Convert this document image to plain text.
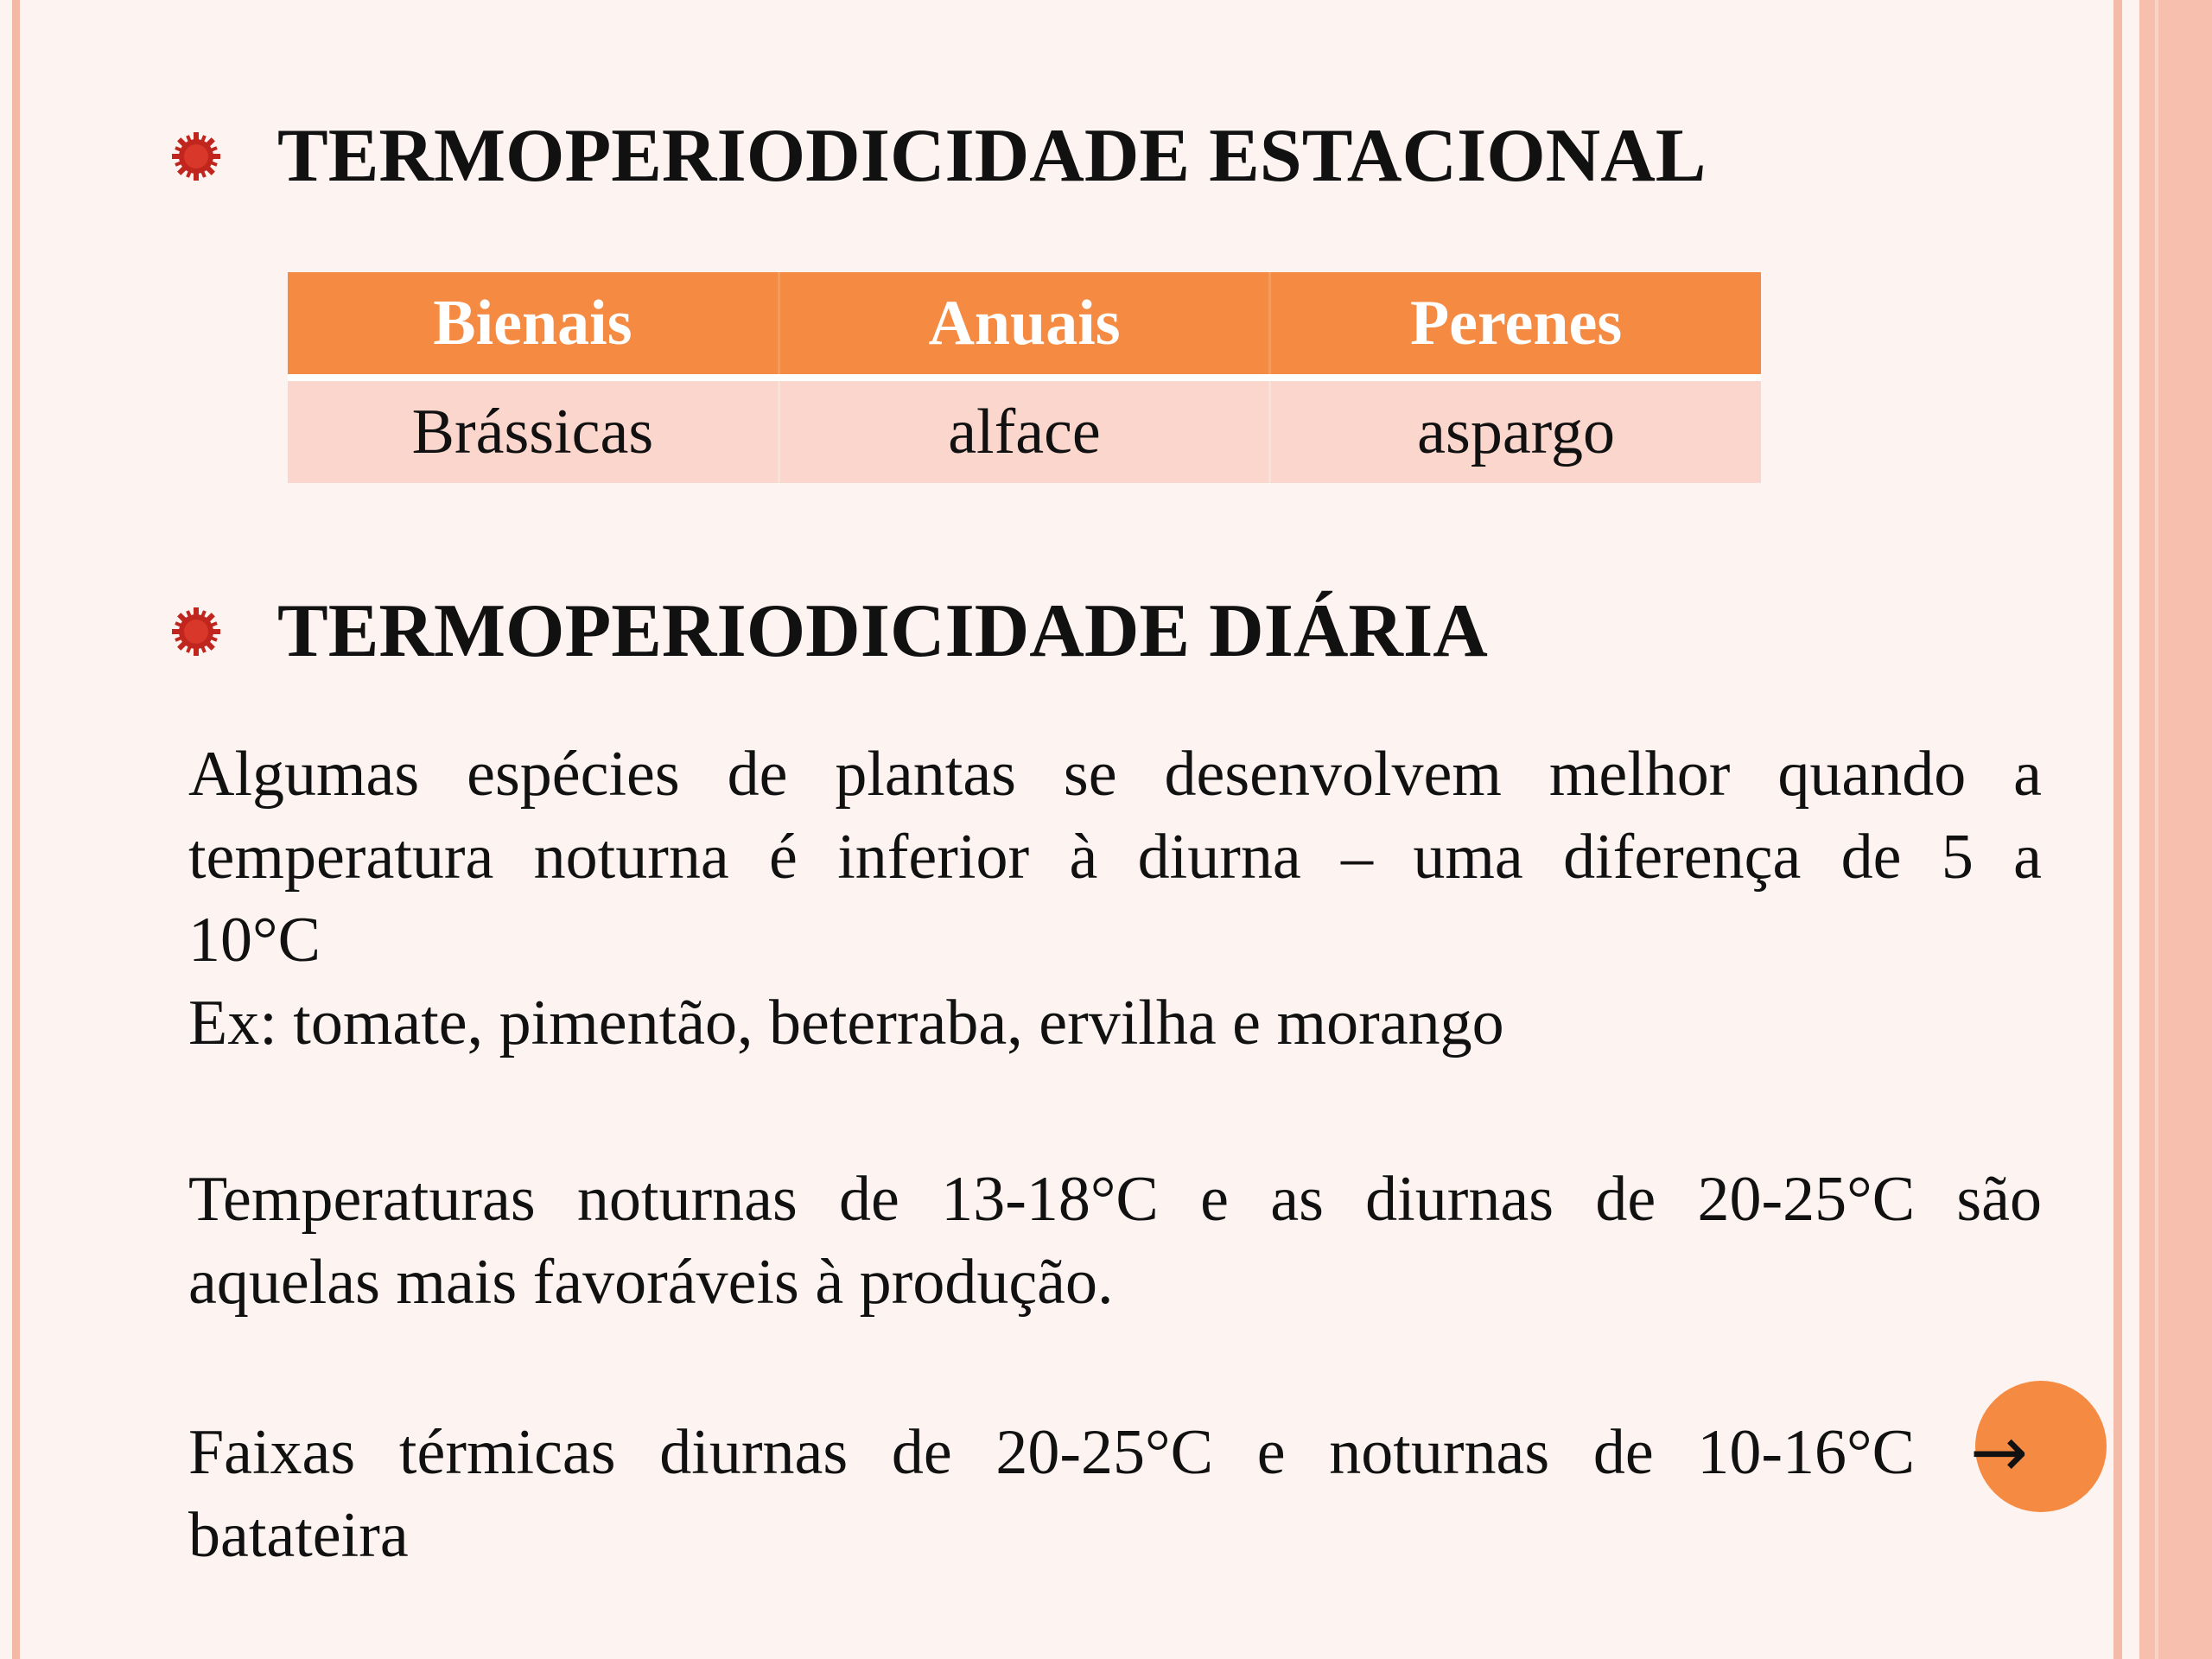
TERMOPERIODICIDADE ESTACIONAL
Bienais	Anuais	Perenes
Brássicas	alface	aspargo
TERMOPERIODICIDADE DIÁRIA
Algumas espécies de plantas se desenvolvem melhor quando a
temperatura noturna é inferior à diurna – uma diferença de 5 a
10°C
Ex: tomate, pimentão, beterraba, ervilha e morango
Temperaturas noturnas de 13-18°C e as diurnas de 20-25°C são
aquelas mais favoráveis à produção.
Faixas térmicas diurnas de 20-25°C e noturnas de 10-16°C
batateira
→
